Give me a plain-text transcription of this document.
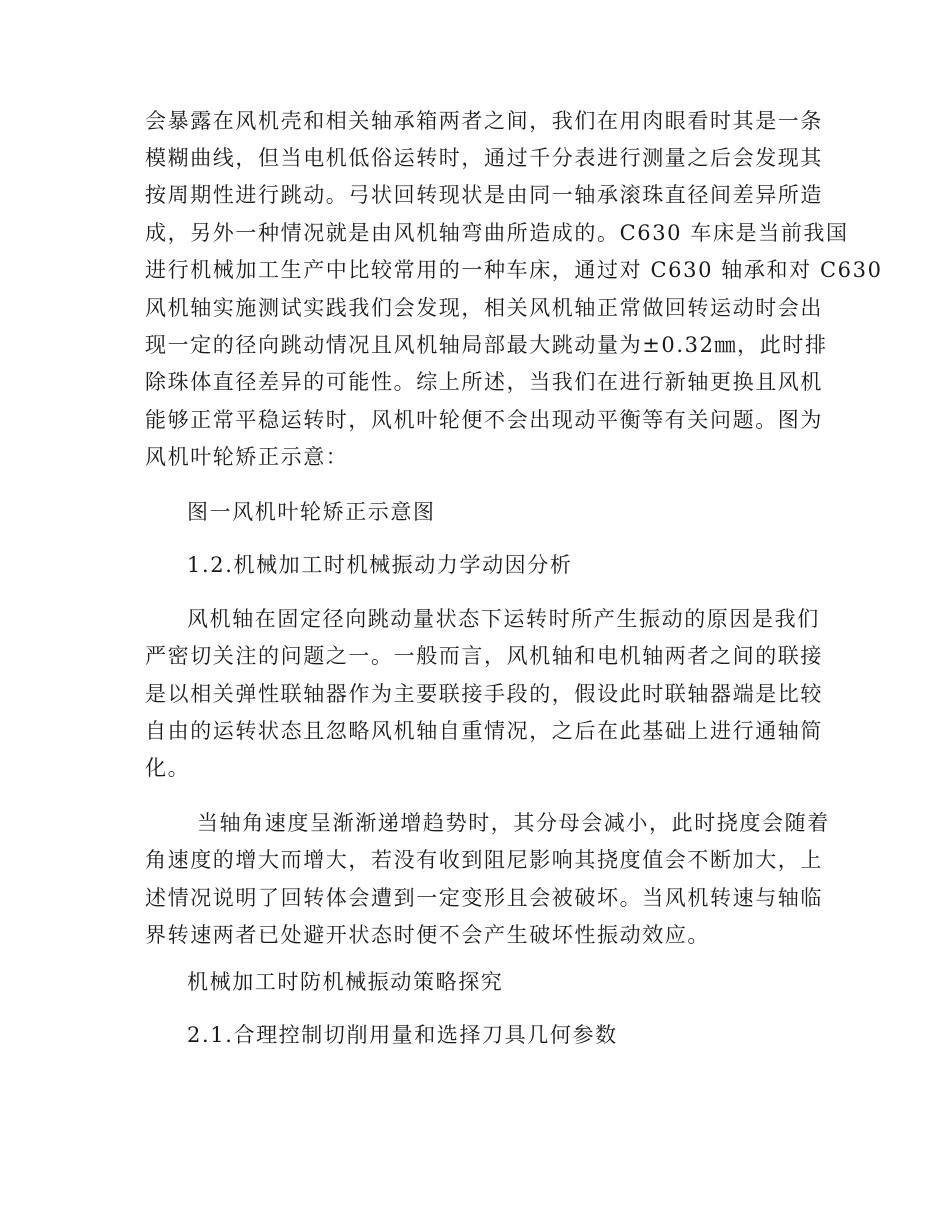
会暴露在风机壳和相关轴承箱两者之间，我们在用肉眼看时其是一条
模糊曲线，但当电机低俗运转时，通过千分表进行测量之后会发现其
按周期性进行跳动。弓状回转现状是由同一轴承滚珠直径间差异所造
成，另外一种情况就是由风机轴弯曲所造成的。C630 车床是当前我国
进行机械加工生产中比较常用的一种车床，通过对 C630 轴承和对 C630
风机轴实施测试实践我们会发现，相关风机轴正常做回转运动时会出
现一定的径向跳动情况且风机轴局部最大跳动量为±0.32㎜，此时排
除珠体直径差异的可能性。综上所述，当我们在进行新轴更换且风机
能够正常平稳运转时，风机叶轮便不会出现动平衡等有关问题。图为
风机叶轮矫正示意：
图一风机叶轮矫正示意图
1.2.机械加工时机械振动力学动因分析
风机轴在固定径向跳动量状态下运转时所产生振动的原因是我们
严密切关注的问题之一。一般而言，风机轴和电机轴两者之间的联接
是以相关弹性联轴器作为主要联接手段的，假设此时联轴器端是比较
自由的运转状态且忽略风机轴自重情况，之后在此基础上进行通轴简
化。
当轴角速度呈渐渐递增趋势时，其分母会减小，此时挠度会随着
角速度的增大而增大，若没有收到阻尼影响其挠度值会不断加大，上
述情况说明了回转体会遭到一定变形且会被破坏。当风机转速与轴临
界转速两者已处避开状态时便不会产生破坏性振动效应。
机械加工时防机械振动策略探究
2.1.合理控制切削用量和选择刀具几何参数
